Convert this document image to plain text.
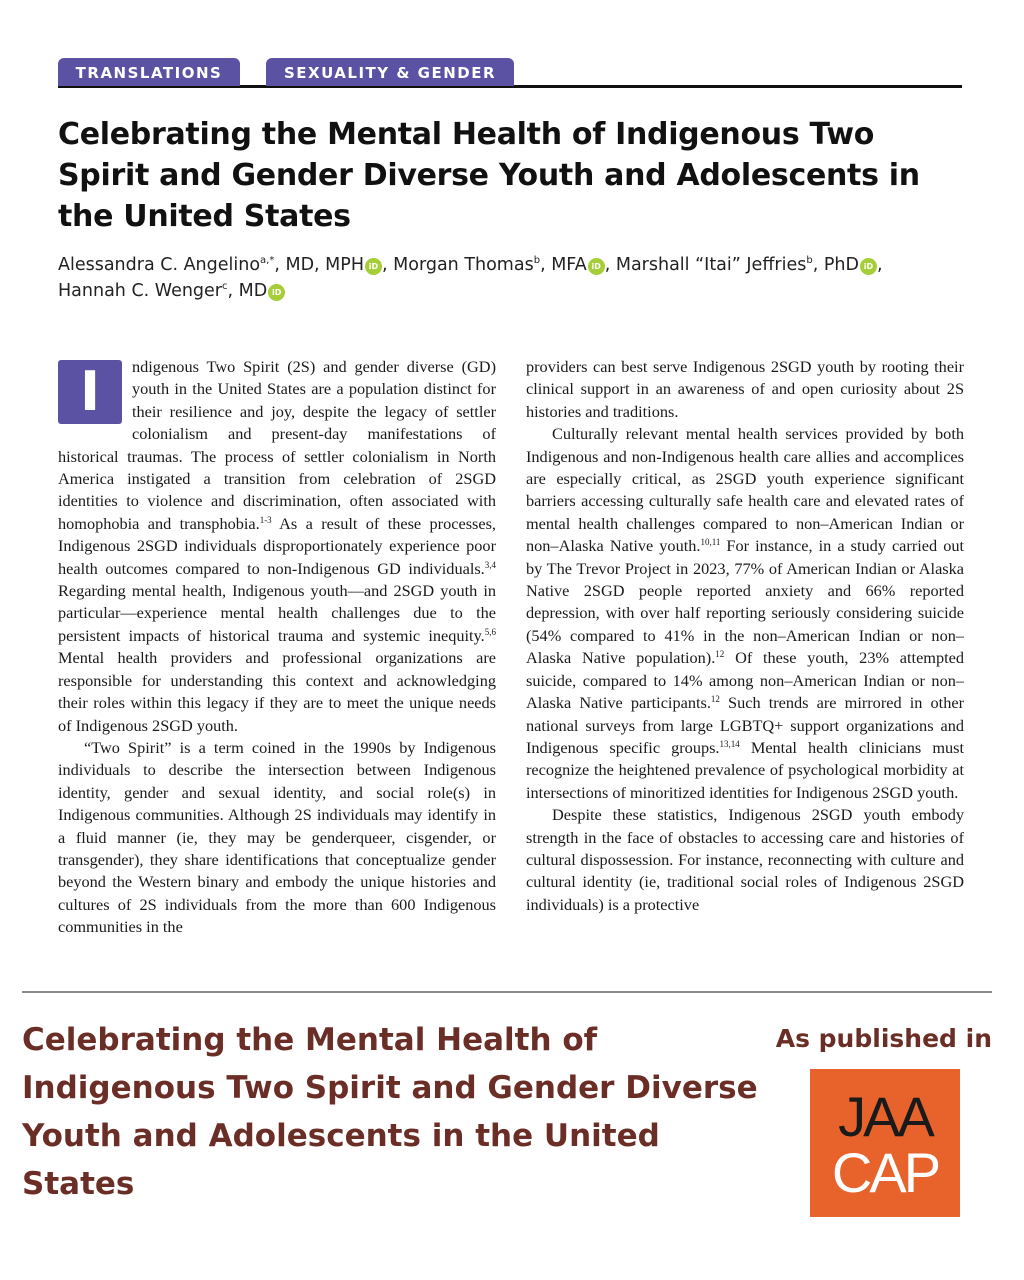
TRANSLATIONS	SEXUALITY & GENDER
Celebrating the Mental Health of Indigenous Two Spirit and Gender Diverse Youth and Adolescents in the United States
Alessandra C. Angelino$^{a,*}$, MD, MPH iD , Morgan Thomas$^b$, MFA iD , Marshall “Itai” Jeffries$^b$, PhD iD ,
Hannah C. Wenger$^c$, MD iD

I	ndigenous Two Spirit (2S) and gender diverse (GD) youth in the United States are a population distinct for their resilience and joy, despite the legacy of settler colonialism and present-day manifestations of historical traumas. The process of settler colonialism in North America instigated a transition from celebration of 2SGD identities to violence and discrimination, often associated with homophobia and transphobia.$^{1-3}$ As a result of these processes, Indigenous 2SGD individuals disproportionately experience poor health outcomes compared to non-Indigenous GD individuals.$^{3,4}$ Regarding mental health, Indigenous youth—and 2SGD youth in particular—experience mental health challenges due to the persistent impacts of historical trauma and systemic inequity.$^{5,6}$ Mental health providers and professional organizations are responsible for understanding this context and acknowledging their roles within this legacy if they are to meet the unique needs of Indigenous 2SGD youth.

“Two Spirit” is a term coined in the 1990s by Indigenous individuals to describe the intersection between Indigenous identity, gender and sexual identity, and social role(s) in Indigenous communities. Although 2S individuals may identify in a fluid manner (ie, they may be genderqueer, cisgender, or transgender), they share identifications that conceptualize gender beyond the Western binary and embody the unique histories and cultures of 2S individuals from the more than 600 Indigenous communities in the

providers can best serve Indigenous 2SGD youth by rooting their clinical support in an awareness of and open curiosity about 2S histories and traditions.

Culturally relevant mental health services provided by both Indigenous and non-Indigenous health care allies and accomplices are especially critical, as 2SGD youth experience significant barriers accessing culturally safe health care and elevated rates of mental health challenges compared to non–American Indian or non–Alaska Native youth.$^{10,11}$ For instance, in a study carried out by The Trevor Project in 2023, 77% of American Indian or Alaska Native 2SGD people reported anxiety and 66% reported depression, with over half reporting seriously considering suicide (54% compared to 41% in the non–American Indian or non–Alaska Native population).$^{12}$ Of these youth, 23% attempted suicide, compared to 14% among non–American Indian or non–Alaska Native participants.$^{12}$ Such trends are mirrored in other national surveys from large LGBTQ+ support organizations and Indigenous specific groups.$^{13,14}$ Mental health clinicians must recognize the heightened prevalence of psychological morbidity at intersections of minoritized identities for Indigenous 2SGD youth.

Despite these statistics, Indigenous 2SGD youth embody strength in the face of obstacles to accessing care and histories of cultural dispossession. For instance, reconnecting with culture and cultural identity (ie, traditional social roles of Indigenous 2SGD individuals) is a protective

Celebrating the Mental Health of Indigenous Two Spirit and Gender Diverse Youth and Adolescents in the United States
As published in
JAA
CAP
